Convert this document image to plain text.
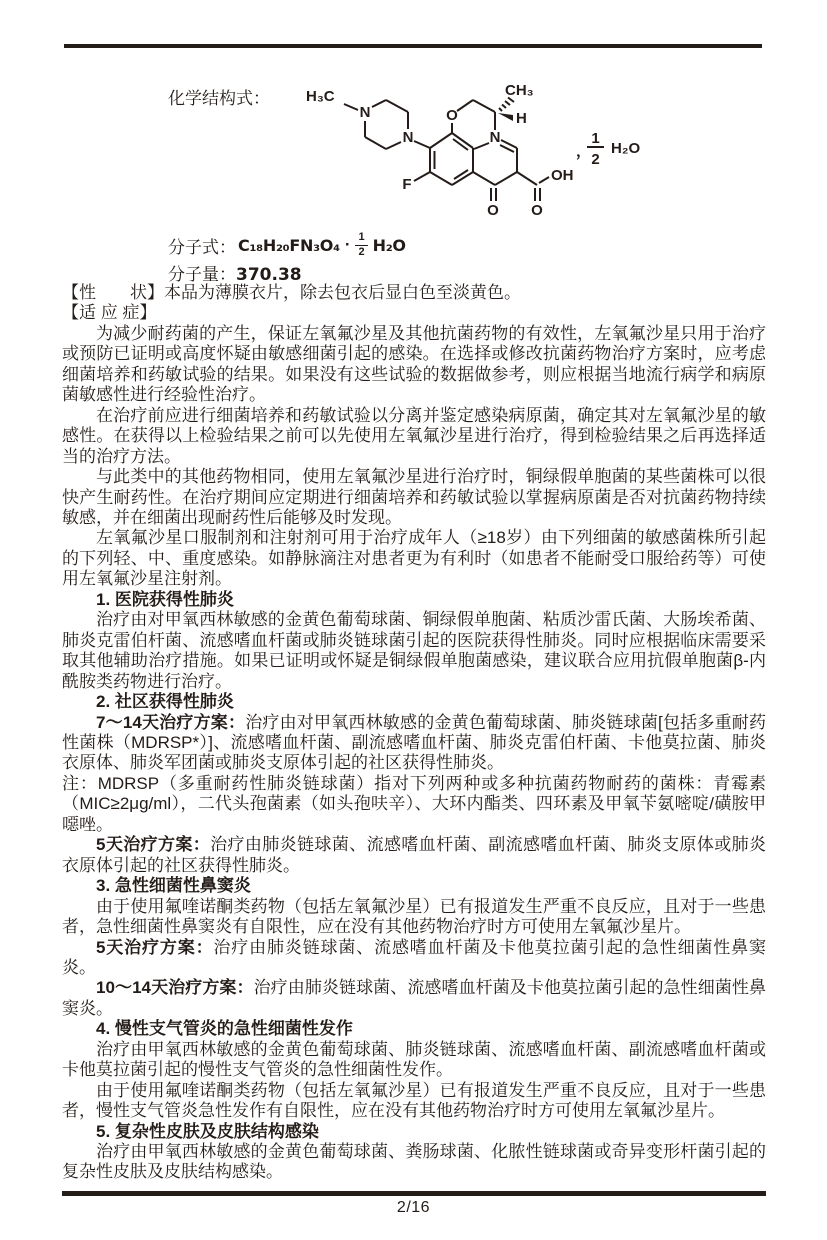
化学结构式： H₃C
N
N
F
O
N
CH₃
H
O O
OH
，
1
2
H₂O
分子式： $C_{18}H_{20}FN_3O_4 \cdot \frac{1}{2} H_2O$
分子量：370.38

【性　　状】本品为薄膜衣片，除去包衣后显白色至淡黄色。

【适 应 症】

为减少耐药菌的产生，保证左氧氟沙星及其他抗菌药物的有效性，左氧氟沙星只用于治疗或预防已证明或高度怀疑由敏感细菌引起的感染。在选择或修改抗菌药物治疗方案时，应考虑细菌培养和药敏试验的结果。如果没有这些试验的数据做参考，则应根据当地流行病学和病原菌敏感性进行经验性治疗。

在治疗前应进行细菌培养和药敏试验以分离并鉴定感染病原菌，确定其对左氧氟沙星的敏感性。在获得以上检验结果之前可以先使用左氧氟沙星进行治疗，得到检验结果之后再选择适当的治疗方法。

与此类中的其他药物相同，使用左氧氟沙星进行治疗时，铜绿假单胞菌的某些菌株可以很快产生耐药性。在治疗期间应定期进行细菌培养和药敏试验以掌握病原菌是否对抗菌药物持续敏感，并在细菌出现耐药性后能够及时发现。

左氧氟沙星口服制剂和注射剂可用于治疗成年人（≥18岁）由下列细菌的敏感菌株所引起的下列轻、中、重度感染。如静脉滴注对患者更为有利时（如患者不能耐受口服给药等）可使用左氧氟沙星注射剂。

1. 医院获得性肺炎

治疗由对甲氧西林敏感的金黄色葡萄球菌、铜绿假单胞菌、粘质沙雷氏菌、大肠埃希菌、肺炎克雷伯杆菌、流感嗜血杆菌或肺炎链球菌引起的医院获得性肺炎。同时应根据临床需要采取其他辅助治疗措施。如果已证明或怀疑是铜绿假单胞菌感染，建议联合应用抗假单胞菌β-内酰胺类药物进行治疗。

2. 社区获得性肺炎

7～14天治疗方案：治疗由对甲氧西林敏感的金黄色葡萄球菌、肺炎链球菌[包括多重耐药性菌株（MDRSP*）]、流感嗜血杆菌、副流感嗜血杆菌、肺炎克雷伯杆菌、卡他莫拉菌、肺炎衣原体、肺炎军团菌或肺炎支原体引起的社区获得性肺炎。

注：MDRSP（多重耐药性肺炎链球菌）指对下列两种或多种抗菌药物耐药的菌株：青霉素（MIC≥2μg/ml），二代头孢菌素（如头孢呋辛）、大环内酯类、四环素及甲氧苄氨嘧啶/磺胺甲噁唑。

5天治疗方案：治疗由肺炎链球菌、流感嗜血杆菌、副流感嗜血杆菌、肺炎支原体或肺炎衣原体引起的社区获得性肺炎。

3. 急性细菌性鼻窦炎

由于使用氟喹诺酮类药物（包括左氧氟沙星）已有报道发生严重不良反应，且对于一些患者，急性细菌性鼻窦炎有自限性，应在没有其他药物治疗时方可使用左氧氟沙星片。

5天治疗方案：治疗由肺炎链球菌、流感嗜血杆菌及卡他莫拉菌引起的急性细菌性鼻窦炎。

10～14天治疗方案：治疗由肺炎链球菌、流感嗜血杆菌及卡他莫拉菌引起的急性细菌性鼻窦炎。

4. 慢性支气管炎的急性细菌性发作

治疗由甲氧西林敏感的金黄色葡萄球菌、肺炎链球菌、流感嗜血杆菌、副流感嗜血杆菌或卡他莫拉菌引起的慢性支气管炎的急性细菌性发作。

由于使用氟喹诺酮类药物（包括左氧氟沙星）已有报道发生严重不良反应，且对于一些患者，慢性支气管炎急性发作有自限性，应在没有其他药物治疗时方可使用左氧氟沙星片。

5. 复杂性皮肤及皮肤结构感染

治疗由甲氧西林敏感的金黄色葡萄球菌、粪肠球菌、化脓性链球菌或奇异变形杆菌引起的复杂性皮肤及皮肤结构感染。

2/16
